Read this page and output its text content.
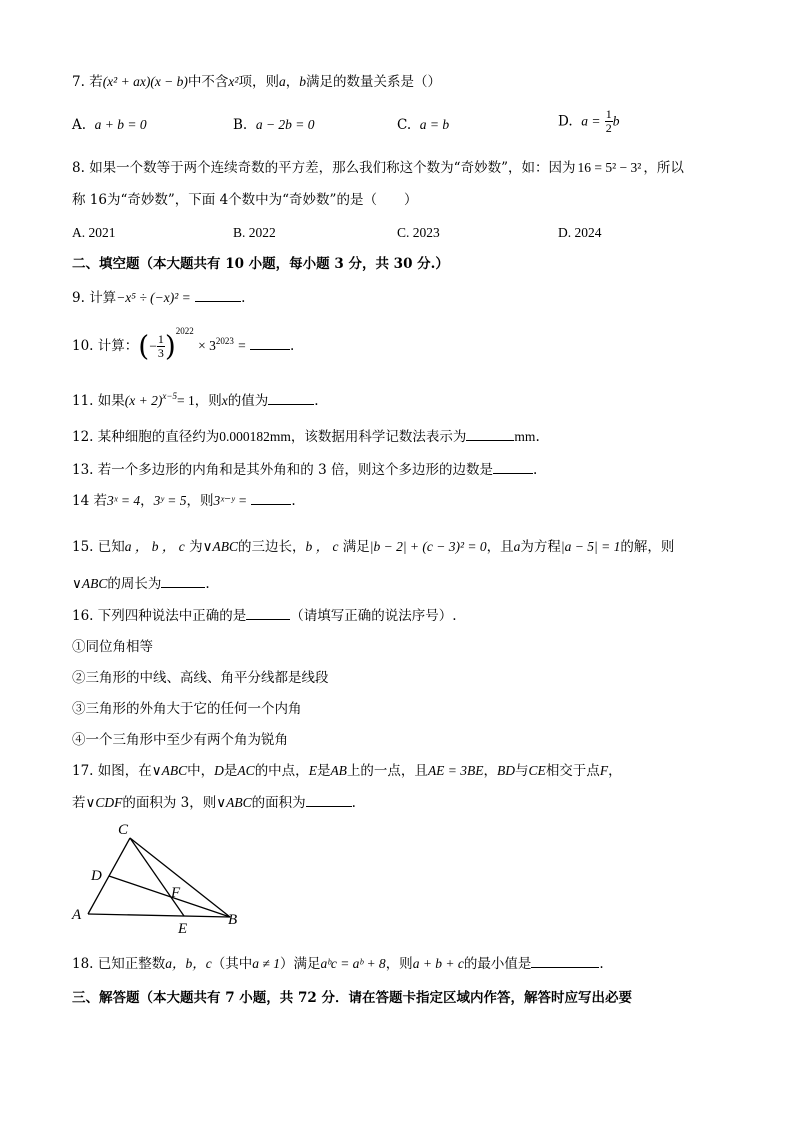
7. 若(x² + ax)(x − b)中不含x²项，则a，b满足的数量关系是（）
A. a + b = 0	B. a − 2b = 0	C. a = b	D. $a = \frac{1}{2}$ b
8. 如果一个数等于两个连续奇数的平方差，那么我们称这个数为“奇妙数”，如：因为 16 = 5² − 3² ，所以
称 16为“奇妙数”，下面 4个数中为“奇妙数”的是（　　）
A. 2021	B. 2022	C. 2023	D. 2024
二、填空题（本大题共有 10 小题，每小题 3 分，共 30 分.）
9. 计算−x⁵ ÷ (−x)² =	.
10. 计算：(− $\frac{1}{3} )^{2022} \times 3^{2023}$ =	.
11. 如果$(x + 2)^{x-5}= 1$，则x的值为	.
12. 某种细胞的直径约为0.000182mm，该数据用科学记数法表示为	mm.
13. 若一个多边形的内角和是其外角和的 3 倍，则这个多边形的边数是	.
14 若3ˣ = 4，3ʸ = 5，则3ˣ⁻ʸ =	.
15. 已知a ， b ， c 为∨ABC的三边长，b ， c 满足|b − 2| + (c − 3)² = 0，且a为方程|a − 5| = 1的解，则
∨ABC的周长为	.
16. 下列四种说法中正确的是	（请填写正确的说法序号）.
①同位角相等
②三角形的中线、高线、角平分线都是线段
③三角形的外角大于它的任何一个内角
④一个三角形中至少有两个角为锐角
17. 如图，在∨ABC中，D是AC的中点，E是AB上的一点，且AE = 3BE，BD与CE相交于点F，
若∨CDF的面积为 3，则∨ABC的面积为	.
C
D
F
A
E
B
18. 已知正整数a，b，c（其中a ≠ 1）满足aᵇc = aᵇ + 8，则a + b + c的最小值是	.
三、解答题（本大题共有 7 小题，共 72 分．请在答题卡指定区域内作答，解答时应写出必要
